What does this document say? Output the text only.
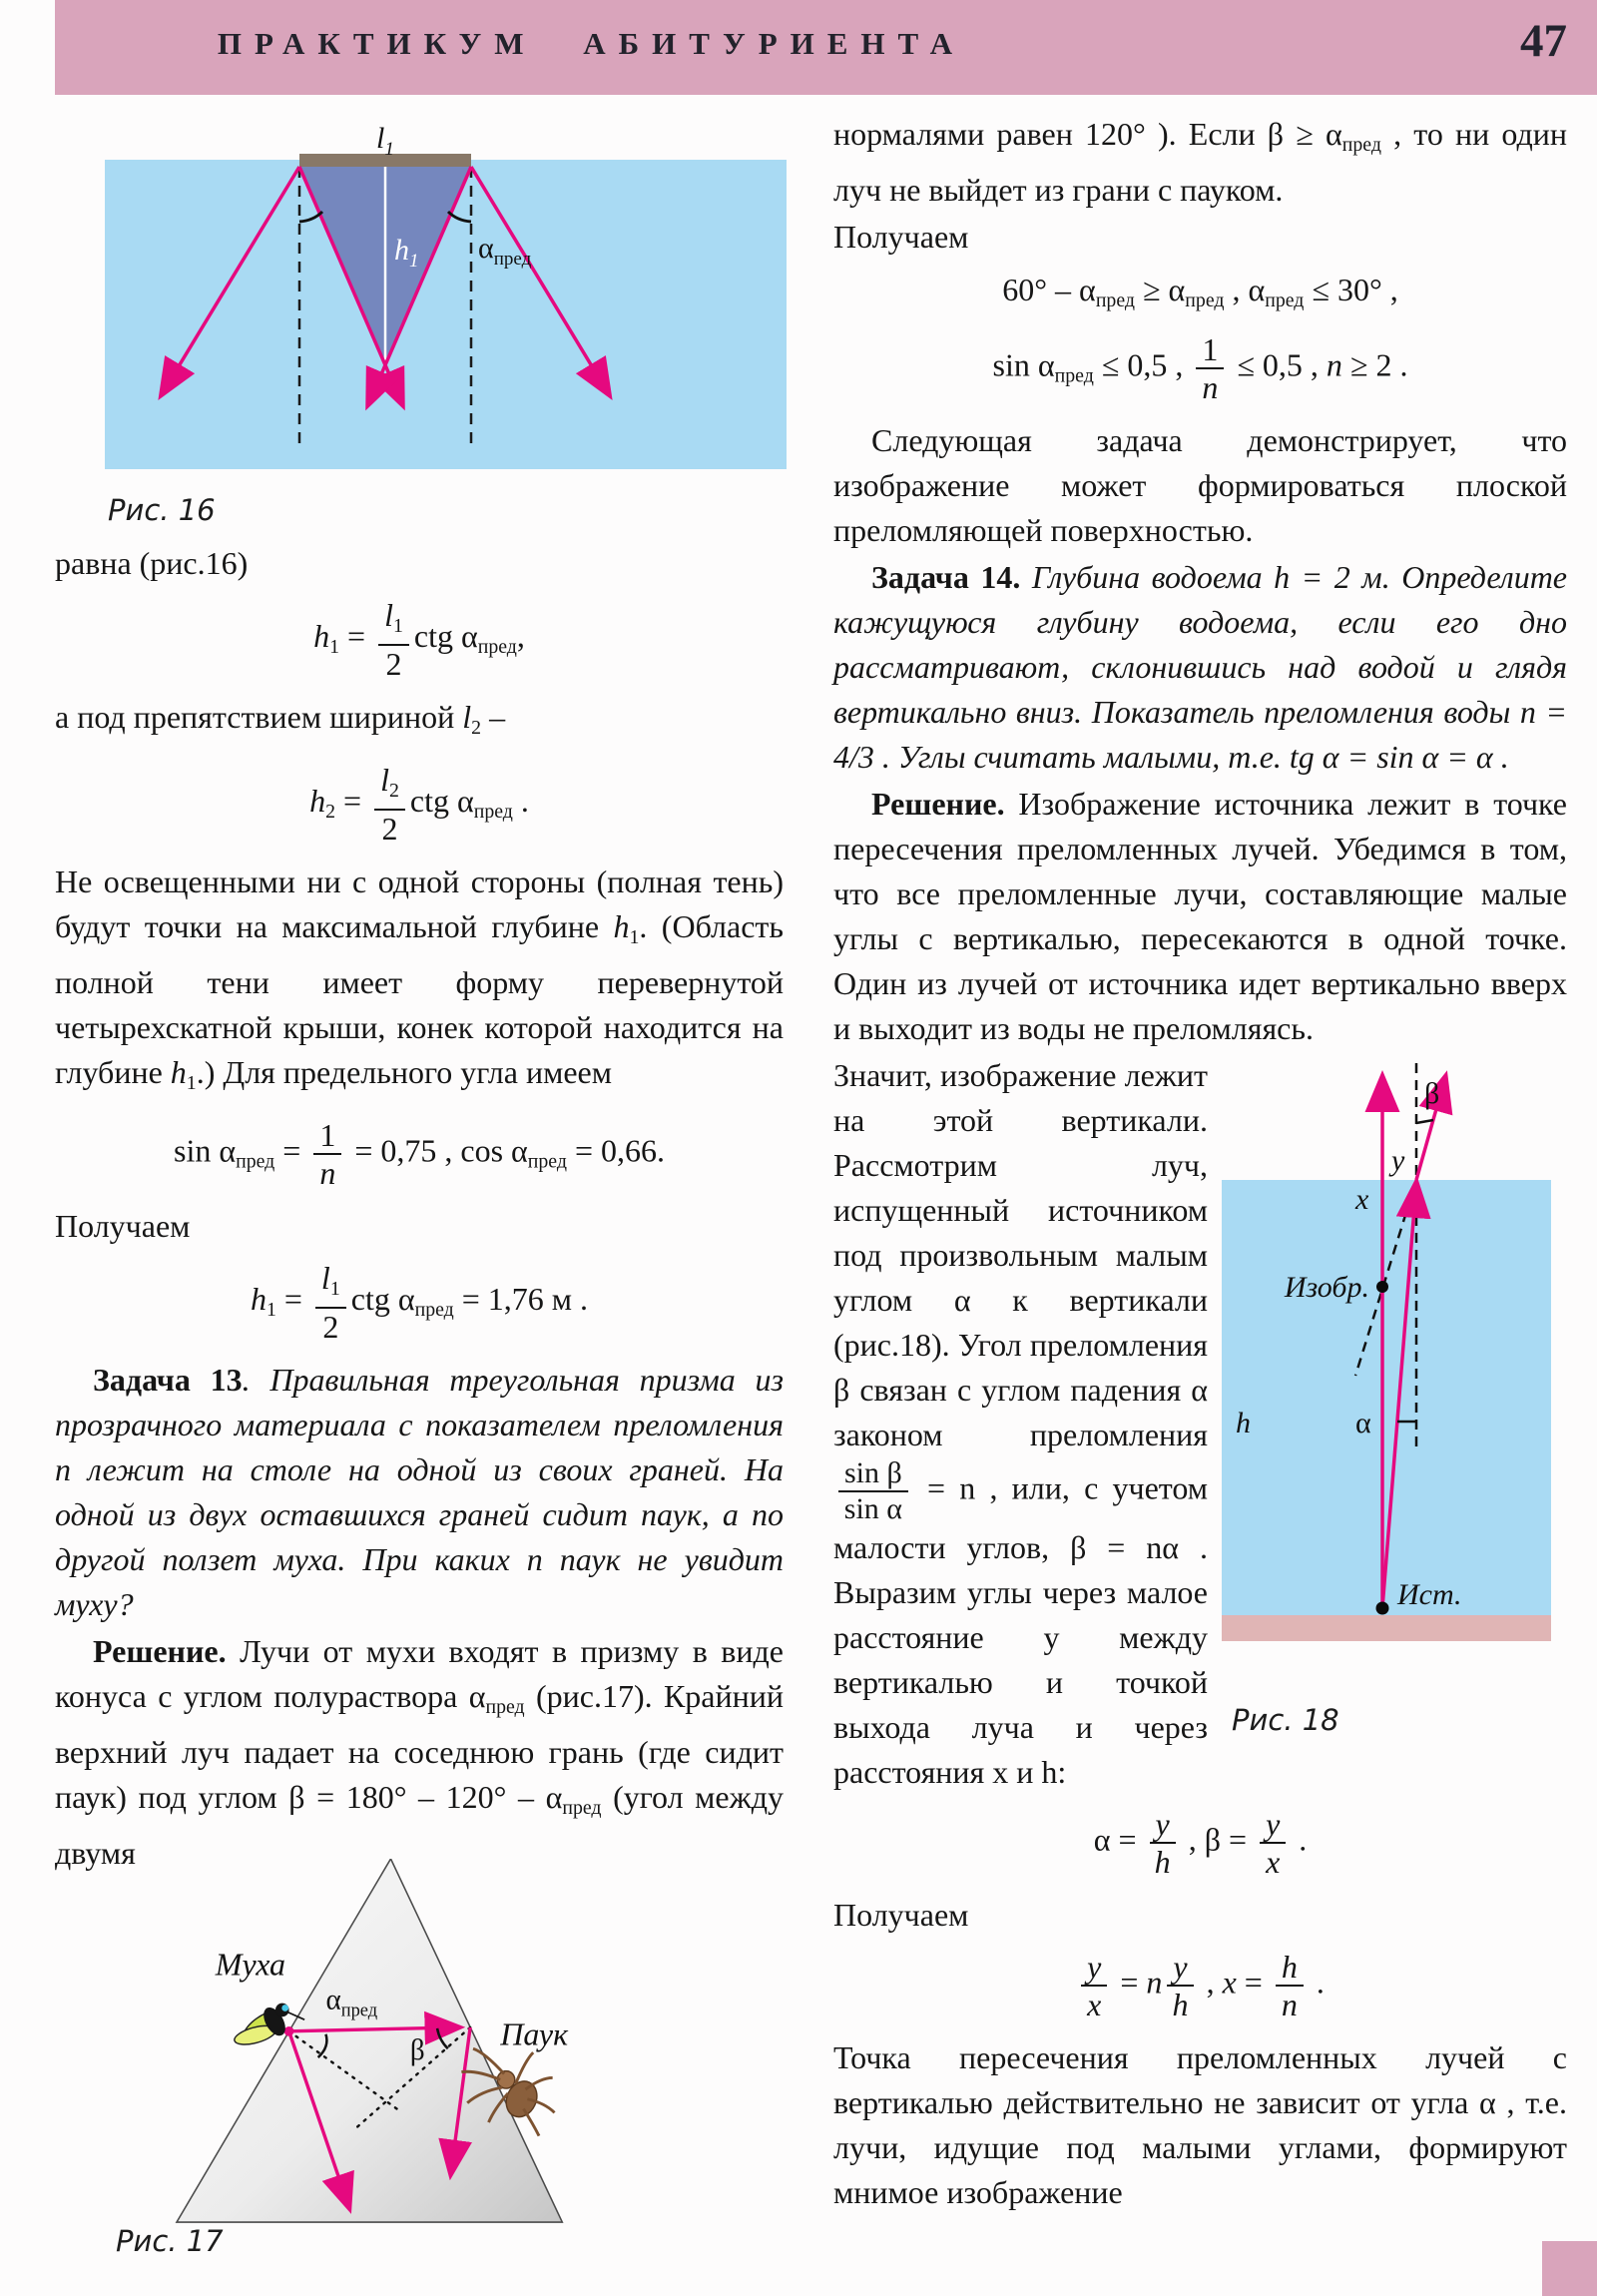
ПРАКТИКУМ АБИТУРИЕНТА	47
$l_1$
$h_1$ $\alpha_{пред}$
Рис. 16

равна (рис.16)

$h_1 = \frac{l_1}{2}$ ctg $\alpha_{пред}$,

а под препятствием шириной $l_2$ –

$h_2 = \frac{l_2}{2}$ ctg $\alpha_{пред}$ .

Не освещенными ни с одной стороны (полная тень) будут точки на максимальной глубине $h_1$. (Область полной тени имеет форму перевернутой четырехскатной крыши, конек которой находится на глубине $h_1$.) Для предельного угла имеем

$\sin \alpha_{пред} = \frac{1}{n} = 0,75$ , $\cos \alpha_{пред} = 0,66$.

Получаем

$h_1 = \frac{l_1}{2}$ ctg $\alpha_{пред} = 1,76$ м .

Задача 13. Правильная треугольная призма из прозрачного материала с показателем преломления n лежит на столе на одной из своих граней. На одной из двух оставшихся граней сидит паук, а по другой ползет муха. При каких n паук не увидит муху?

Решение. Лучи от мухи входят в призму в виде конуса с углом полураствора $\alpha_{пред}$ (рис.17). Крайний верхний луч падает на соседнюю грань (где сидит паук) под углом $\beta = 180^\circ - 120^\circ - \alpha_{пред}$ (угол между двумя

Муха
$\alpha_{пред}$
β Паук
Рис. 17

нормалями равен 120° ). Если $\beta \ge \alpha_{пред}$ , то ни один луч не выйдет из грани с пауком.

Получаем

$60^\circ - \alpha_{пред} \ge \alpha_{пред}$ , $\alpha_{пред} \le 30^\circ$ ,
$\sin \alpha_{пред} \le 0,5$ , $\frac{1}{n} \le 0,5$ , n ≥ 2 .

Следующая задача демонстрирует, что изображение может формироваться плоской преломляющей поверхностью.

Задача 14. Глубина водоема h = 2 м. Определите кажущуюся глубину водоема, если его дно рассматривают, склонившись над водой и глядя вертикально вниз. Показатель преломления воды n = 4/3 . Углы считать малыми, т.е. tg α = sin α = α .

Решение. Изображение источника лежит в точке пересечения преломленных лучей. Убедимся в том, что все преломленные лучи, составляющие малые углы с вертикалью, пересекаются в одной точке. Один из лучей от источника идет вертикально вверх и выходит из воды не преломляясь.

β
y
x
Изобр.
α
h
Ист.
Рис. 18
Значит, изображение лежит на этой вертикали. Рассмотрим луч, испущенный источником под произвольным малым углом α к вертикали (рис.18). Угол преломления β связан с углом падения α законом преломления
$\frac{\text{sin β}}{\text{sin α}} = n$ , или, с учетом малости углов, β = nα . Выразим углы через малое расстояние y между вертикалью и точкой выхода луча и через расстояния x и h:

$\alpha = \frac{y}{h}$ , $\beta = \frac{y}{x}$ .

Получаем

$\frac{y}{x} = n \frac{y}{h}$ , $x = \frac{h}{n}$ .

Точка пересечения преломленных лучей с вертикалью действительно не зависит от угла α , т.е. лучи, идущие под малыми углами, формируют мнимое изображение
